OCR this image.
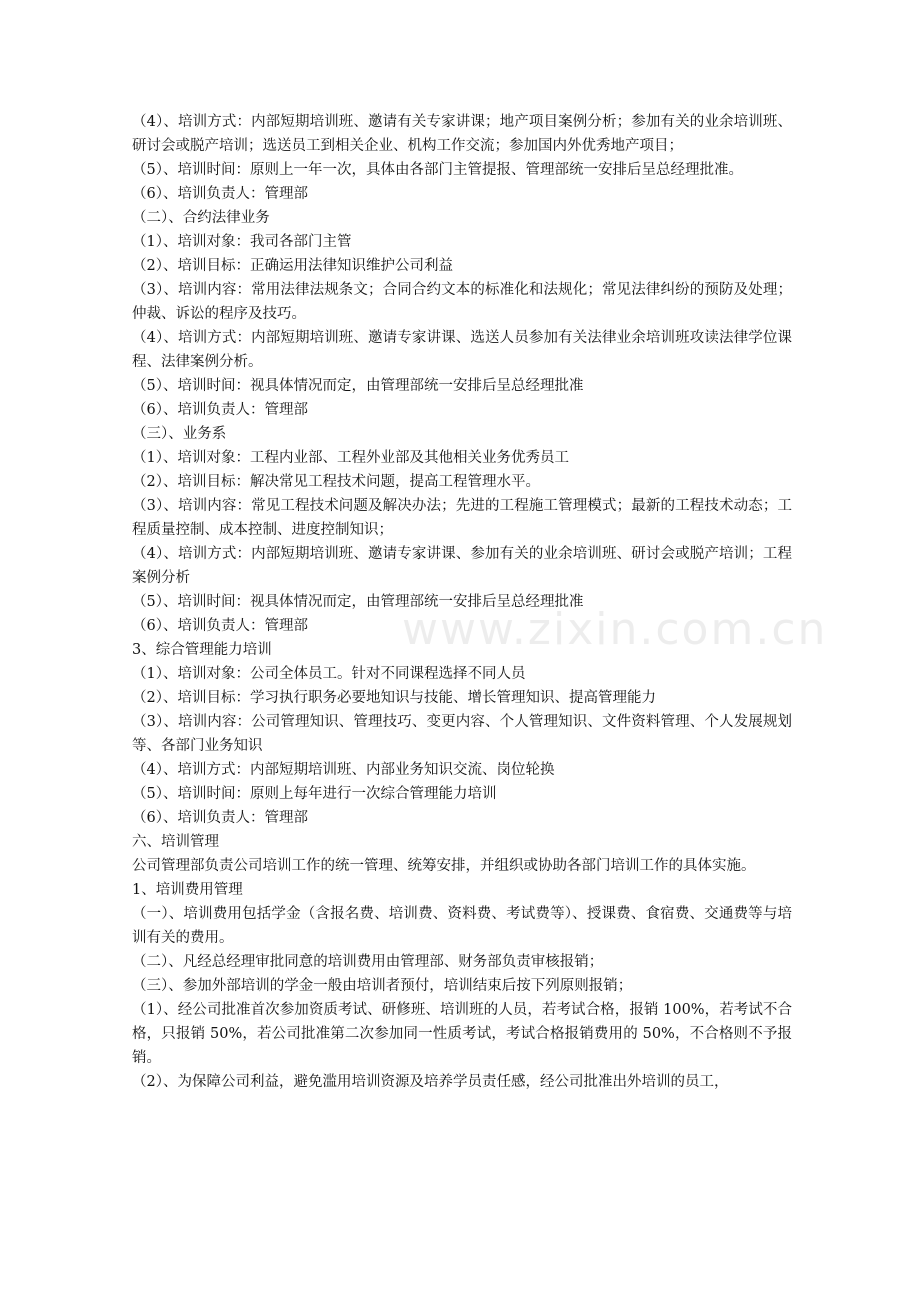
www.zixin.com.cn

（4）、培训方式：内部短期培训班、邀请有关专家讲课；地产项目案例分析；参加有关的业余培训班、研讨会或脱产培训；选送员工到相关企业、机构工作交流；参加国内外优秀地产项目；

（5）、培训时间：原则上一年一次，具体由各部门主管提报、管理部统一安排后呈总经理批准。

（6）、培训负责人：管理部

（二）、合约法律业务

（1）、培训对象：我司各部门主管

（2）、培训目标：正确运用法律知识维护公司利益

（3）、培训内容：常用法律法规条文；合同合约文本的标准化和法规化；常见法律纠纷的预防及处理；仲裁、诉讼的程序及技巧。

（4）、培训方式：内部短期培训班、邀请专家讲课、选送人员参加有关法律业余培训班攻读法律学位课程、法律案例分析。

（5）、培训时间：视具体情况而定，由管理部统一安排后呈总经理批准

（6）、培训负责人：管理部

（三）、业务系

（1）、培训对象：工程内业部、工程外业部及其他相关业务优秀员工

（2）、培训目标：解决常见工程技术问题，提高工程管理水平。

（3）、培训内容：常见工程技术问题及解决办法；先进的工程施工管理模式；最新的工程技术动态；工程质量控制、成本控制、进度控制知识；

（4）、培训方式：内部短期培训班、邀请专家讲课、参加有关的业余培训班、研讨会或脱产培训；工程案例分析

（5）、培训时间：视具体情况而定，由管理部统一安排后呈总经理批准

（6）、培训负责人：管理部

3、综合管理能力培训

（1）、培训对象：公司全体员工。针对不同课程选择不同人员

（2）、培训目标：学习执行职务必要地知识与技能、增长管理知识、提高管理能力

（3）、培训内容：公司管理知识、管理技巧、变更内容、个人管理知识、文件资料管理、个人发展规划等、各部门业务知识

（4）、培训方式：内部短期培训班、内部业务知识交流、岗位轮换

（5）、培训时间：原则上每年进行一次综合管理能力培训

（6）、培训负责人：管理部

六、培训管理

公司管理部负责公司培训工作的统一管理、统筹安排，并组织或协助各部门培训工作的具体实施。

1、培训费用管理

（一）、培训费用包括学金（含报名费、培训费、资料费、考试费等）、授课费、食宿费、交通费等与培训有关的费用。

（二）、凡经总经理审批同意的培训费用由管理部、财务部负责审核报销；

（三）、参加外部培训的学金一般由培训者预付，培训结束后按下列原则报销；

（1）、经公司批准首次参加资质考试、研修班、培训班的人员，若考试合格，报销 100%，若考试不合格，只报销 50%，若公司批准第二次参加同一性质考试，考试合格报销费用的 50%，不合格则不予报销。

（2）、为保障公司利益，避免滥用培训资源及培养学员责任感，经公司批准出外培训的员工，
